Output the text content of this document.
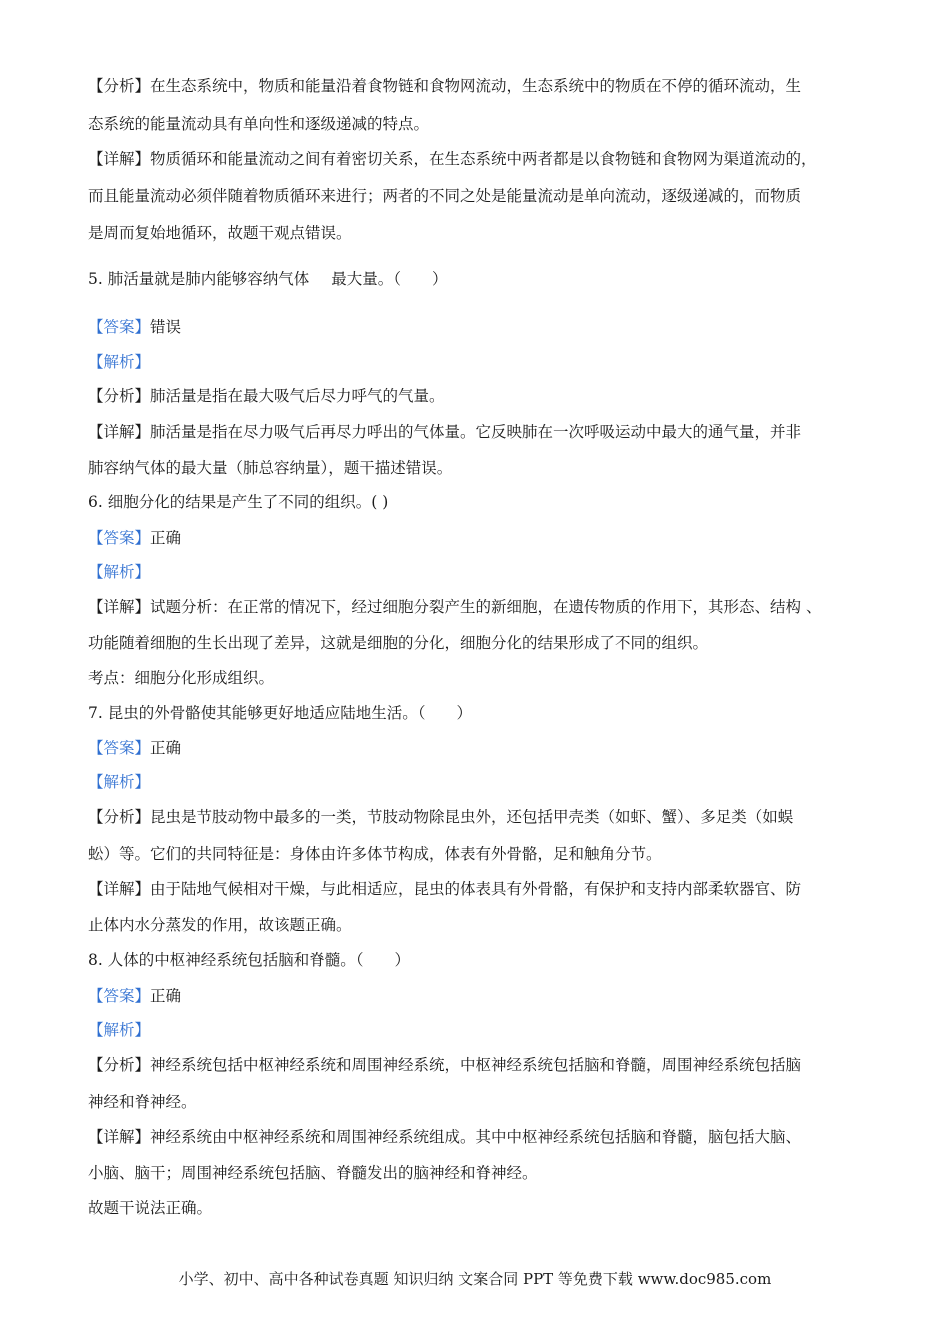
【分析】在生态系统中，物质和能量沿着食物链和食物网流动，生态系统中的物质在不停的循环流动，生
态系统的能量流动具有单向性和逐级递减的特点。
【详解】物质循环和能量流动之间有着密切关系，在生态系统中两者都是以食物链和食物网为渠道流动的，
而且能量流动必须伴随着物质循环来进行；两者的不同之处是能量流动是单向流动，逐级递减的，而物质
是周而复始地循环，故题干观点错误。
5. 肺活量就是肺内能够容纳气体 最大量。（　　）
【答案】错误
【解析】
【分析】肺活量是指在最大吸气后尽力呼气的气量。
【详解】肺活量是指在尽力吸气后再尽力呼出的气体量。它反映肺在一次呼吸运动中最大的通气量，并非
肺容纳气体的最大量（肺总容纳量），题干描述错误。
6. 细胞分化的结果是产生了不同的组织。( )
【答案】正确
【解析】
【详解】试题分析：在正常的情况下，经过细胞分裂产生的新细胞，在遗传物质的作用下，其形态、结构 、
功能随着细胞的生长出现了差异，这就是细胞的分化，细胞分化的结果形成了不同的组织。
考点：细胞分化形成组织。
7. 昆虫的外骨骼使其能够更好地适应陆地生活。（　　）
【答案】正确
【解析】
【分析】昆虫是节肢动物中最多的一类，节肢动物除昆虫外，还包括甲壳类（如虾、蟹）、多足类（如蜈
蚣）等。它们的共同特征是：身体由许多体节构成，体表有外骨骼，足和触角分节。
【详解】由于陆地气候相对干燥，与此相适应，昆虫的体表具有外骨骼，有保护和支持内部柔软器官、防
止体内水分蒸发的作用，故该题正确。
8. 人体的中枢神经系统包括脑和脊髓。（　　）
【答案】正确
【解析】
【分析】神经系统包括中枢神经系统和周围神经系统，中枢神经系统包括脑和脊髓，周围神经系统包括脑
神经和脊神经。
【详解】神经系统由中枢神经系统和周围神经系统组成。其中中枢神经系统包括脑和脊髓，脑包括大脑、
小脑、脑干；周围神经系统包括脑、脊髓发出的脑神经和脊神经。
故题干说法正确。
小学、初中、高中各种试卷真题 知识归纳 文案合同 PPT 等免费下载 www.doc985.com
